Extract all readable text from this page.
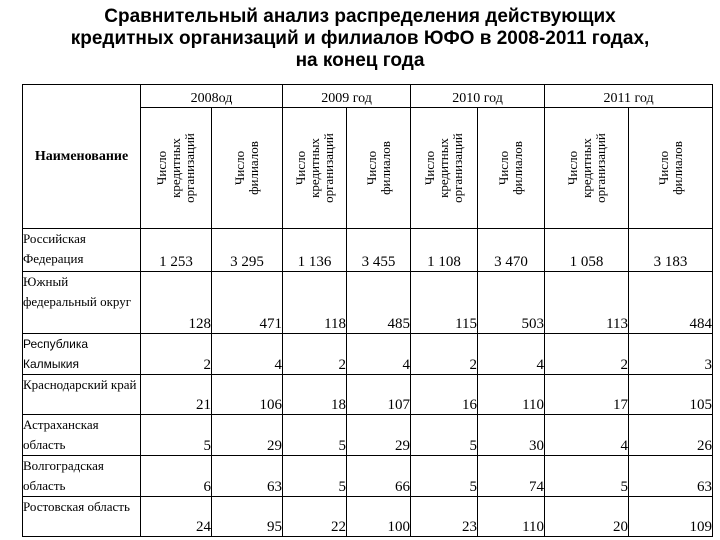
Сравнительный анализ распределения действующих
кредитных организаций и филиалов ЮФО в 2008-2011 годах,
на конец года
Наименование	2008од		2009 год		2010 год		2011 год	

	Число
кредитных
организаций	Число
филиалов	Число
кредитных
организаций	Число
филиалов	Число
кредитных
организаций	Число
филиалов	Число
кредитных
организаций	Число
филиалов

Российская Федерация	1 253	3 295	1 136	3 455	1 108	3 470	1 058	3 183
Южный федеральный округ	128	471	118	485	115	503	113	484
Республика Калмыкия	2	4	2	4	2	4	2	3
Краснодарский край	21	106	18	107	16	110	17	105
Астраханская область	5	29	5	29	5	30	4	26
Волгоградская область	6	63	5	66	5	74	5	63
Ростовская область	24	95	22	100	23	110	20	109
